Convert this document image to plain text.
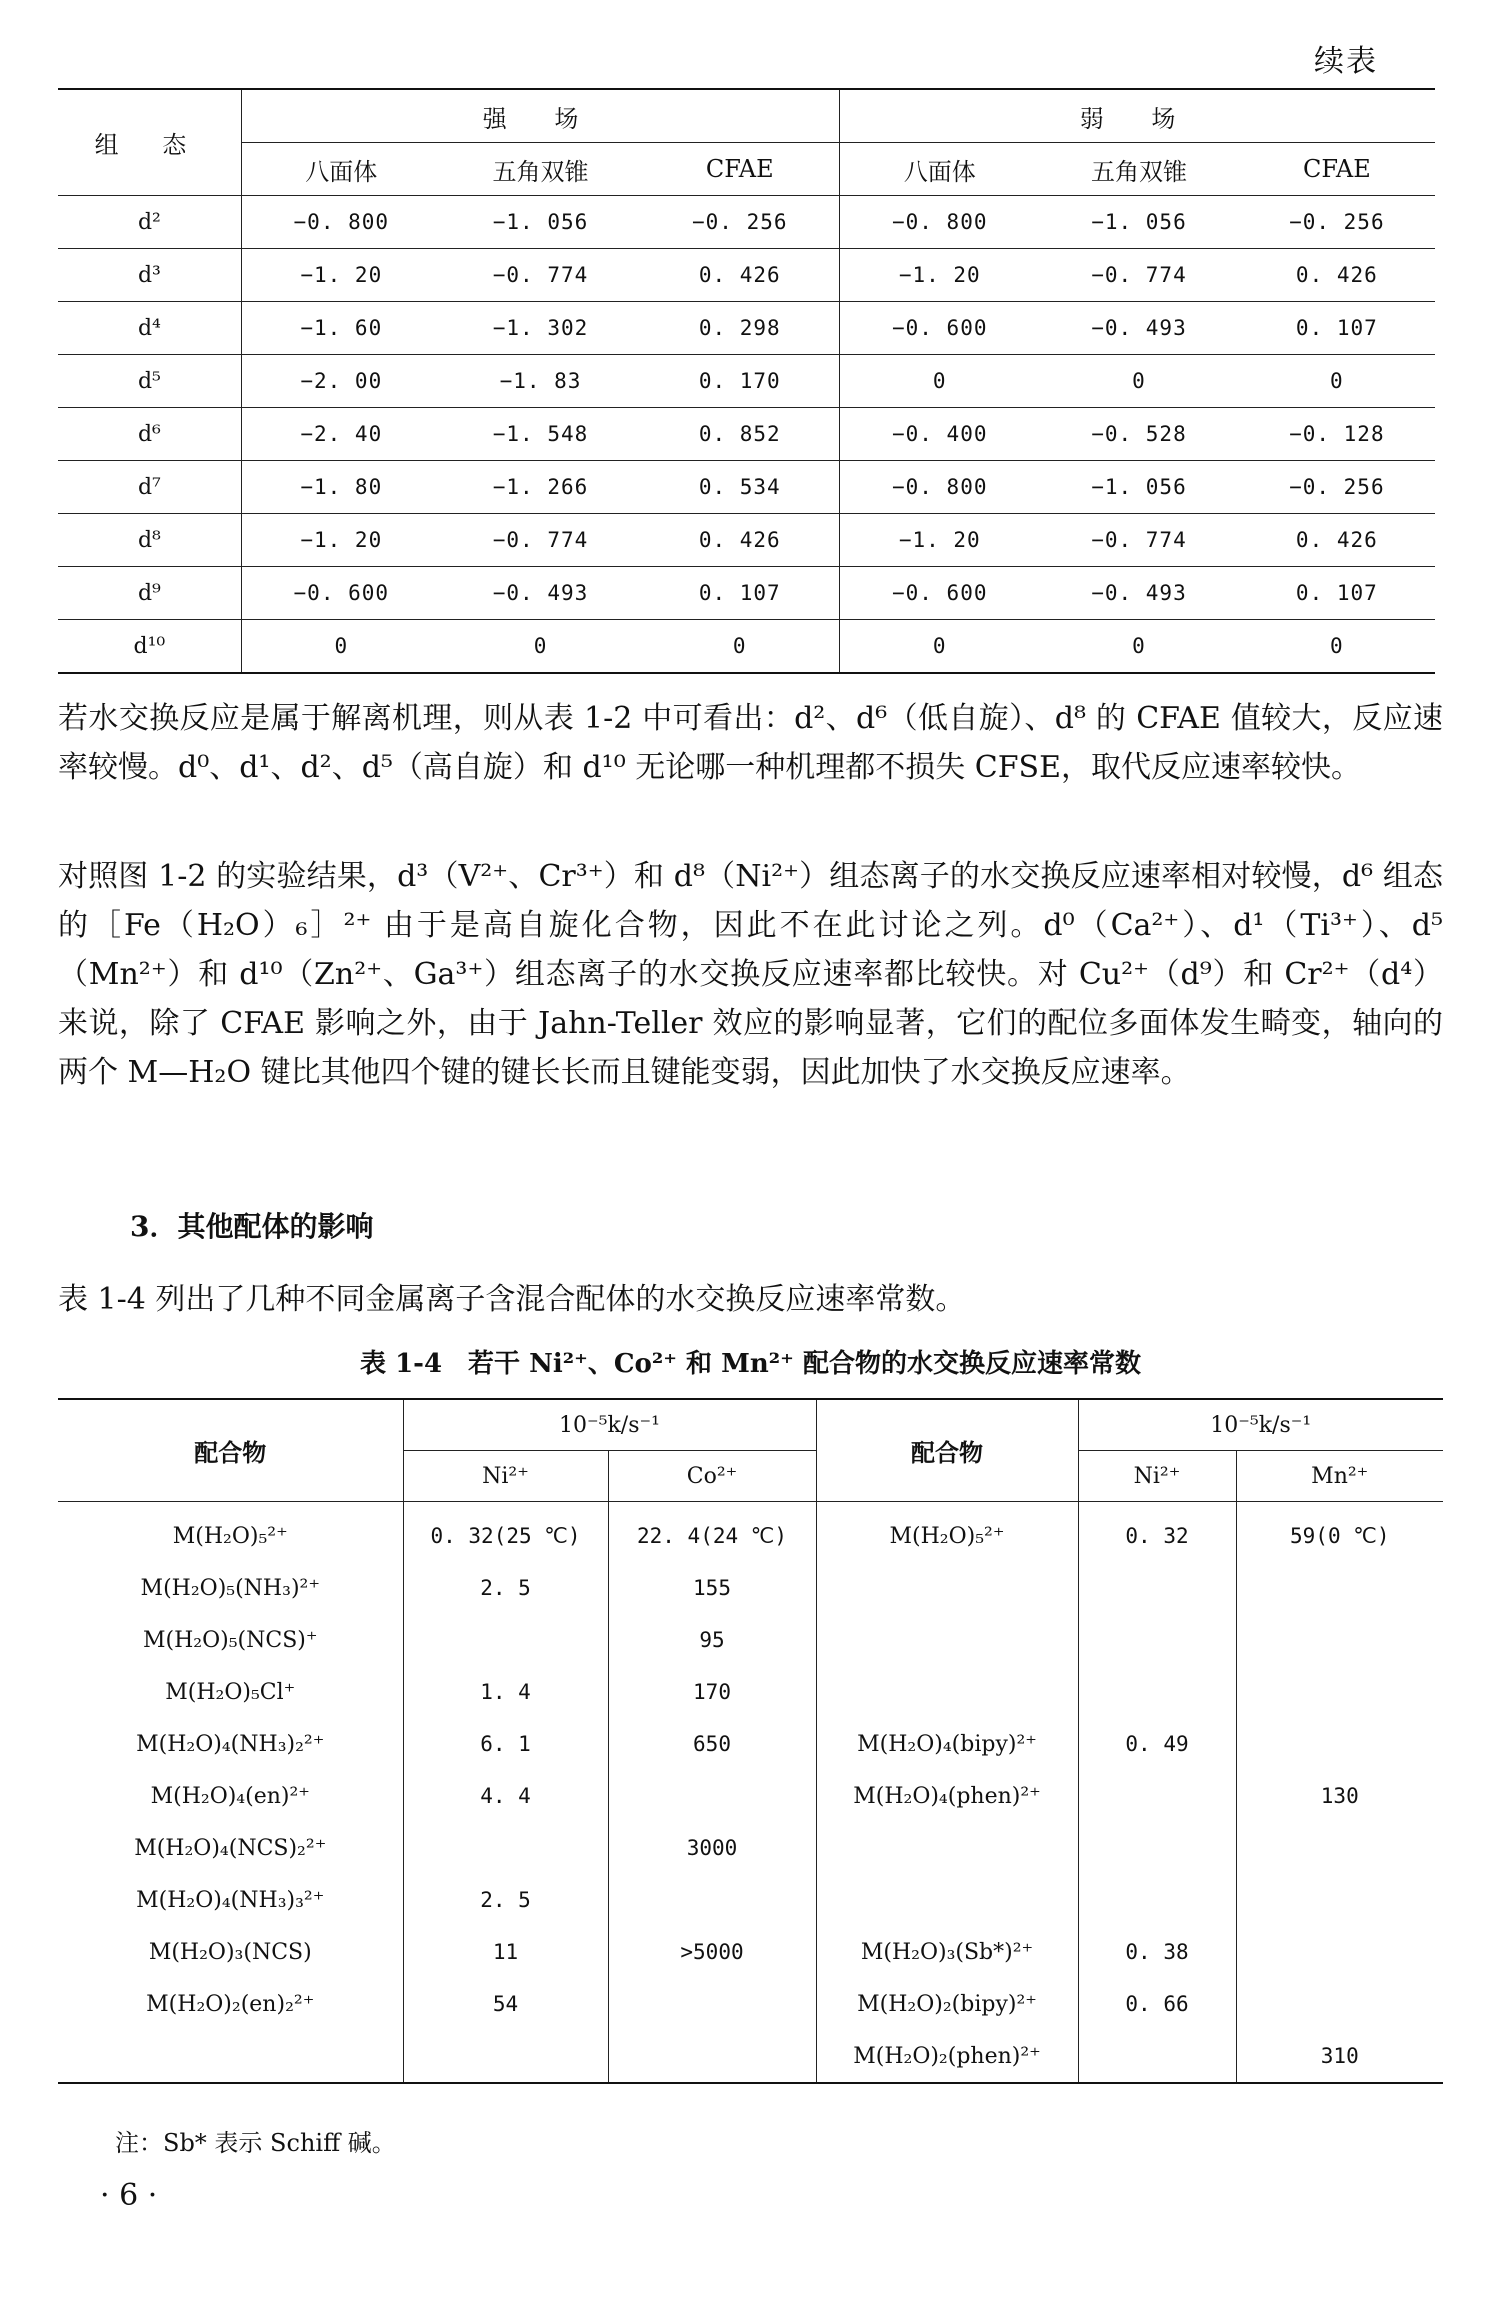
续表
组 态	强 场			弱 场		
	八面体	五角双锥	CFAE	八面体	五角双锥	CFAE
d²	−0. 800	−1. 056	−0. 256	−0. 800	−1. 056	−0. 256
d³	−1. 20	−0. 774	0. 426	−1. 20	−0. 774	0. 426
d⁴	−1. 60	−1. 302	0. 298	−0. 600	−0. 493	0. 107
d⁵	−2. 00	−1. 83	0. 170	0	0	0
d⁶	−2. 40	−1. 548	0. 852	−0. 400	−0. 528	−0. 128
d⁷	−1. 80	−1. 266	0. 534	−0. 800	−1. 056	−0. 256
d⁸	−1. 20	−0. 774	0. 426	−1. 20	−0. 774	0. 426
d⁹	−0. 600	−0. 493	0. 107	−0. 600	−0. 493	0. 107
d¹⁰	0	0	0	0	0	0

若水交换反应是属于解离机理，则从表 1-2 中可看出：d²、d⁶（低自旋）、d⁸ 的 CFAE 值较大，反应速率较慢。d⁰、d¹、d²、d⁵（高自旋）和 d¹⁰ 无论哪一种机理都不损失 CFSE，取代反应速率较快。

对照图 1-2 的实验结果，d³（V²⁺、Cr³⁺）和 d⁸（Ni²⁺）组态离子的水交换反应速率相对较慢，d⁶ 组态的［Fe（H₂O）₆］²⁺ 由于是高自旋化合物，因此不在此讨论之列。d⁰（Ca²⁺）、d¹（Ti³⁺）、d⁵（Mn²⁺）和 d¹⁰（Zn²⁺、Ga³⁺）组态离子的水交换反应速率都比较快。对 Cu²⁺（d⁹）和 Cr²⁺（d⁴）来说，除了 CFAE 影响之外，由于 Jahn-Teller 效应的影响显著，它们的配位多面体发生畸变，轴向的两个 M—H₂O 键比其他四个键的键长长而且键能变弱，因此加快了水交换反应速率。

3．其他配体的影响

表 1-4 列出了几种不同金属离子含混合配体的水交换反应速率常数。

表 1-4　若干 Ni²⁺、Co²⁺ 和 Mn²⁺ 配合物的水交换反应速率常数
配合物	10⁻⁵k/s⁻¹		配合物	10⁻⁵k/s⁻¹	
	Ni²⁺	Co²⁺		Ni²⁺	Mn²⁺
M(H₂O)₅²⁺	0. 32(25 ℃)	22. 4(24 ℃)	M(H₂O)₅²⁺	0. 32	59(0 ℃)
M(H₂O)₅(NH₃)²⁺	2. 5	155			
M(H₂O)₅(NCS)⁺		95			
M(H₂O)₅Cl⁺	1. 4	170			
M(H₂O)₄(NH₃)₂²⁺	6. 1	650	M(H₂O)₄(bipy)²⁺	0. 49	
M(H₂O)₄(en)²⁺	4. 4		M(H₂O)₄(phen)²⁺		130
M(H₂O)₄(NCS)₂²⁺		3000			
M(H₂O)₄(NH₃)₃²⁺	2. 5				
M(H₂O)₃(NCS)	11	>5000	M(H₂O)₃(Sb*)²⁺	0. 38	
M(H₂O)₂(en)₂²⁺	54		M(H₂O)₂(bipy)²⁺	0. 66	
			M(H₂O)₂(phen)²⁺		310
注：Sb* 表示 Schiff 碱。
· 6 ·
